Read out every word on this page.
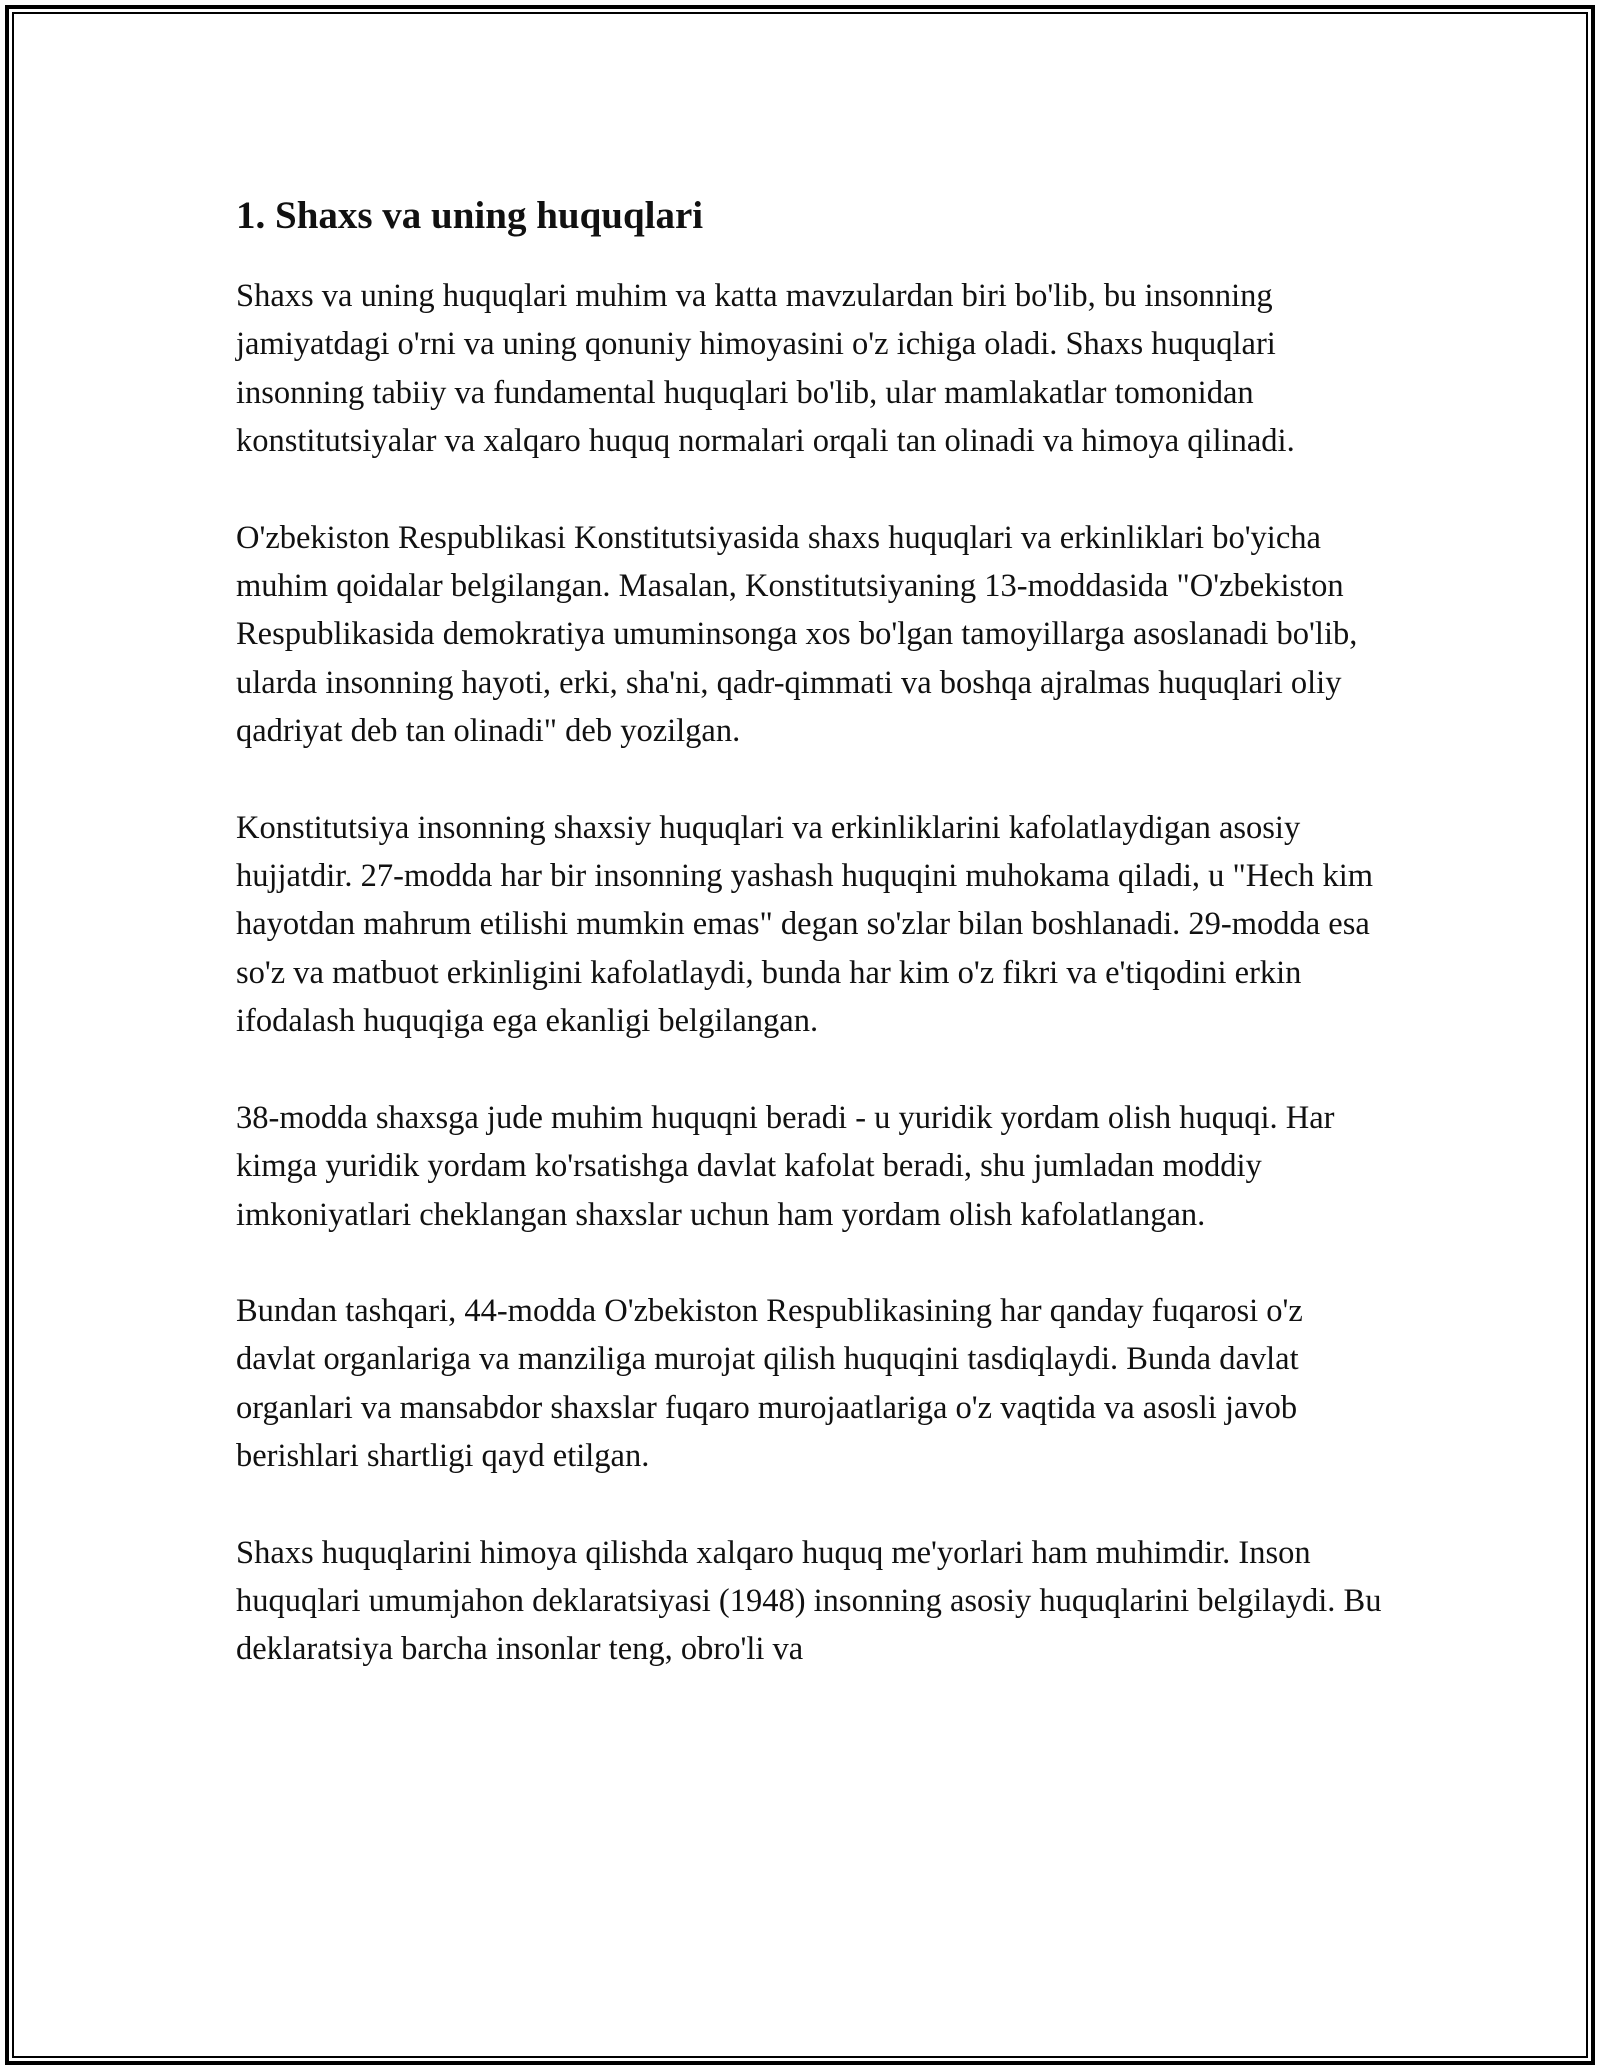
1. Shaxs va uning huquqlari

Shaxs va uning huquqlari muhim va katta mavzulardan biri bo'lib, bu insonning jamiyatdagi o'rni va uning qonuniy himoyasini o'z ichiga oladi. Shaxs huquqlari insonning tabiiy va fundamental huquqlari bo'lib, ular mamlakatlar tomonidan konstitutsiyalar va xalqaro huquq normalari orqali tan olinadi va himoya qilinadi.

O'zbekiston Respublikasi Konstitutsiyasida shaxs huquqlari va erkinliklari bo'yicha muhim qoidalar belgilangan. Masalan, Konstitutsiyaning 13-moddasida "O'zbekiston Respublikasida demokratiya umuminsonga xos bo'lgan tamoyillarga asoslanadi bo'lib, ularda insonning hayoti, erki, sha'ni, qadr-qimmati va boshqa ajralmas huquqlari oliy qadriyat deb tan olinadi" deb yozilgan.

Konstitutsiya insonning shaxsiy huquqlari va erkinliklarini kafolatlaydigan asosiy hujjatdir. 27-modda har bir insonning yashash huquqini muhokama qiladi, u "Hech kim hayotdan mahrum etilishi mumkin emas" degan so'zlar bilan boshlanadi. 29-modda esa so'z va matbuot erkinligini kafolatlaydi, bunda har kim o'z fikri va e'tiqodini erkin ifodalash huquqiga ega ekanligi belgilangan.

38-modda shaxsga jude muhim huquqni beradi - u yuridik yordam olish huquqi. Har kimga yuridik yordam ko'rsatishga davlat kafolat beradi, shu jumladan moddiy imkoniyatlari cheklangan shaxslar uchun ham yordam olish kafolatlangan.

Bundan tashqari, 44-modda O'zbekiston Respublikasining har qanday fuqarosi o'z davlat organlariga va manziliga murojat qilish huquqini tasdiqlaydi. Bunda davlat organlari va mansabdor shaxslar fuqaro murojaatlariga o'z vaqtida va asosli javob berishlari shartligi qayd etilgan.

Shaxs huquqlarini himoya qilishda xalqaro huquq me'yorlari ham muhimdir. Inson huquqlari umumjahon deklaratsiyasi (1948) insonning asosiy huquqlarini belgilaydi. Bu deklaratsiya barcha insonlar teng, obro'li va
